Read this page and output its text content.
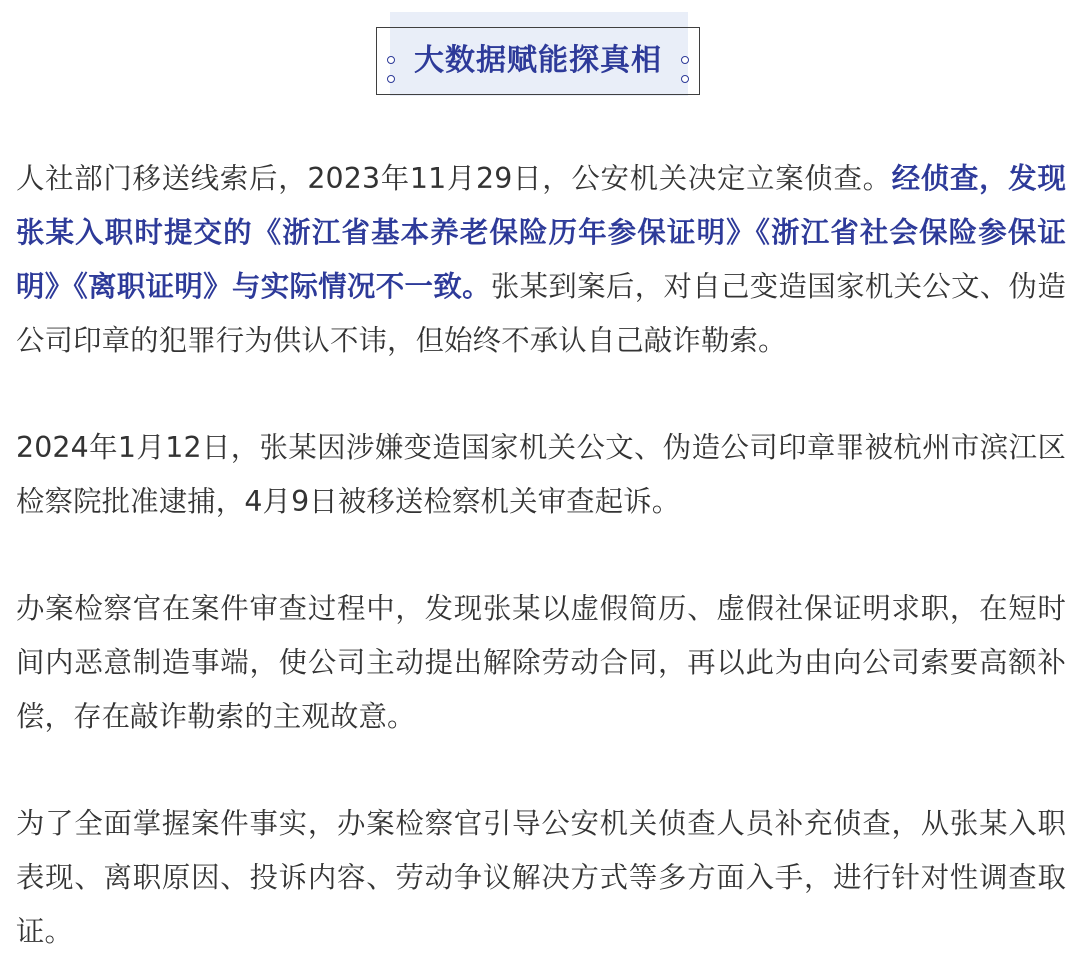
大数据赋能探真相

人社部门移送线索后，2023年11月29日，公安机关决定立案侦查。经侦查，发现张某入职时提交的《浙江省基本养老保险历年参保证明》《浙江省社会保险参保证明》《离职证明》与实际情况不一致。张某到案后，对自己变造国家机关公文、伪造公司印章的犯罪行为供认不讳，但始终不承认自己敲诈勒索。

2024年1月12日，张某因涉嫌变造国家机关公文、伪造公司印章罪被杭州市滨江区检察院批准逮捕，4月9日被移送检察机关审查起诉。

办案检察官在案件审查过程中，发现张某以虚假简历、虚假社保证明求职，在短时间内恶意制造事端，使公司主动提出解除劳动合同，再以此为由向公司索要高额补偿，存在敲诈勒索的主观故意。

为了全面掌握案件事实，办案检察官引导公安机关侦查人员补充侦查，从张某入职表现、离职原因、投诉内容、劳动争议解决方式等多方面入手，进行针对性调查取证。
